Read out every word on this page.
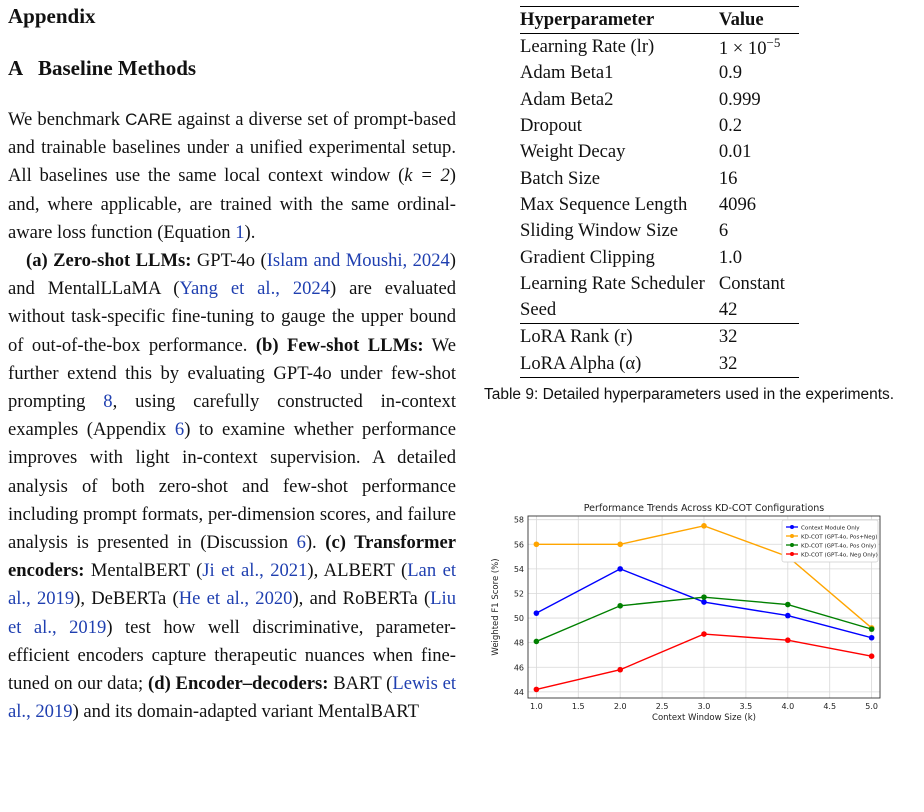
Appendix
A Baseline Methods

We benchmark CARE against a diverse set of prompt-based and trainable baselines under a unified experimental setup. All baselines use the same local context window (k = 2) and, where applicable, are trained with the same ordinal-aware loss function (Equation 1).

(a) Zero-shot LLMs: GPT-4o (Islam and Moushi, 2024) and MentalLLaMA (Yang et al., 2024) are evaluated without task-specific fine-tuning to gauge the upper bound of out-of-the-box performance. (b) Few-shot LLMs: We further extend this by evaluating GPT-4o under few-shot prompting 8, using carefully constructed in-context examples (Appendix 6) to examine whether performance improves with light in-context supervision. A detailed analysis of both zero-shot and few-shot performance including prompt formats, per-dimension scores, and failure analysis is presented in (Discussion 6). (c) Transformer encoders: MentalBERT (Ji et al., 2021), ALBERT (Lan et al., 2019), DeBERTa (He et al., 2020), and RoBERTa (Liu et al., 2019) test how well discriminative, parameter-efficient encoders capture therapeutic nuances when fine-tuned on our data; (d) Encoder–decoders: BART (Lewis et al., 2019) and its domain-adapted variant MentalBART

Hyperparameter	Value
Learning Rate (lr)	$1 \times 10^{-5}$
Adam Beta1	0.9
Adam Beta2	0.999
Dropout	0.2
Weight Decay	0.01
Batch Size	16
Max Sequence Length	4096
Sliding Window Size	6
Gradient Clipping	1.0
Learning Rate Scheduler	Constant
Seed	42
LoRA Rank (r)	32
LoRA Alpha (α)	32

Table 9: Detailed hyperparameters used in the experiments.

Performance Trends Across KD-COT Configurations
1.0	1.5	2.0	2.5	3.0	3.5	4.0	4.5	5.0
44
46
48
50
52
54
56
58
Context Window Size (k)
Weighted F1 Score (%)
Context Module Only
KD-COT (GPT-4o, Pos+Neg)
KD-COT (GPT-4o, Pos Only)
KD-COT (GPT-4o, Neg Only)
